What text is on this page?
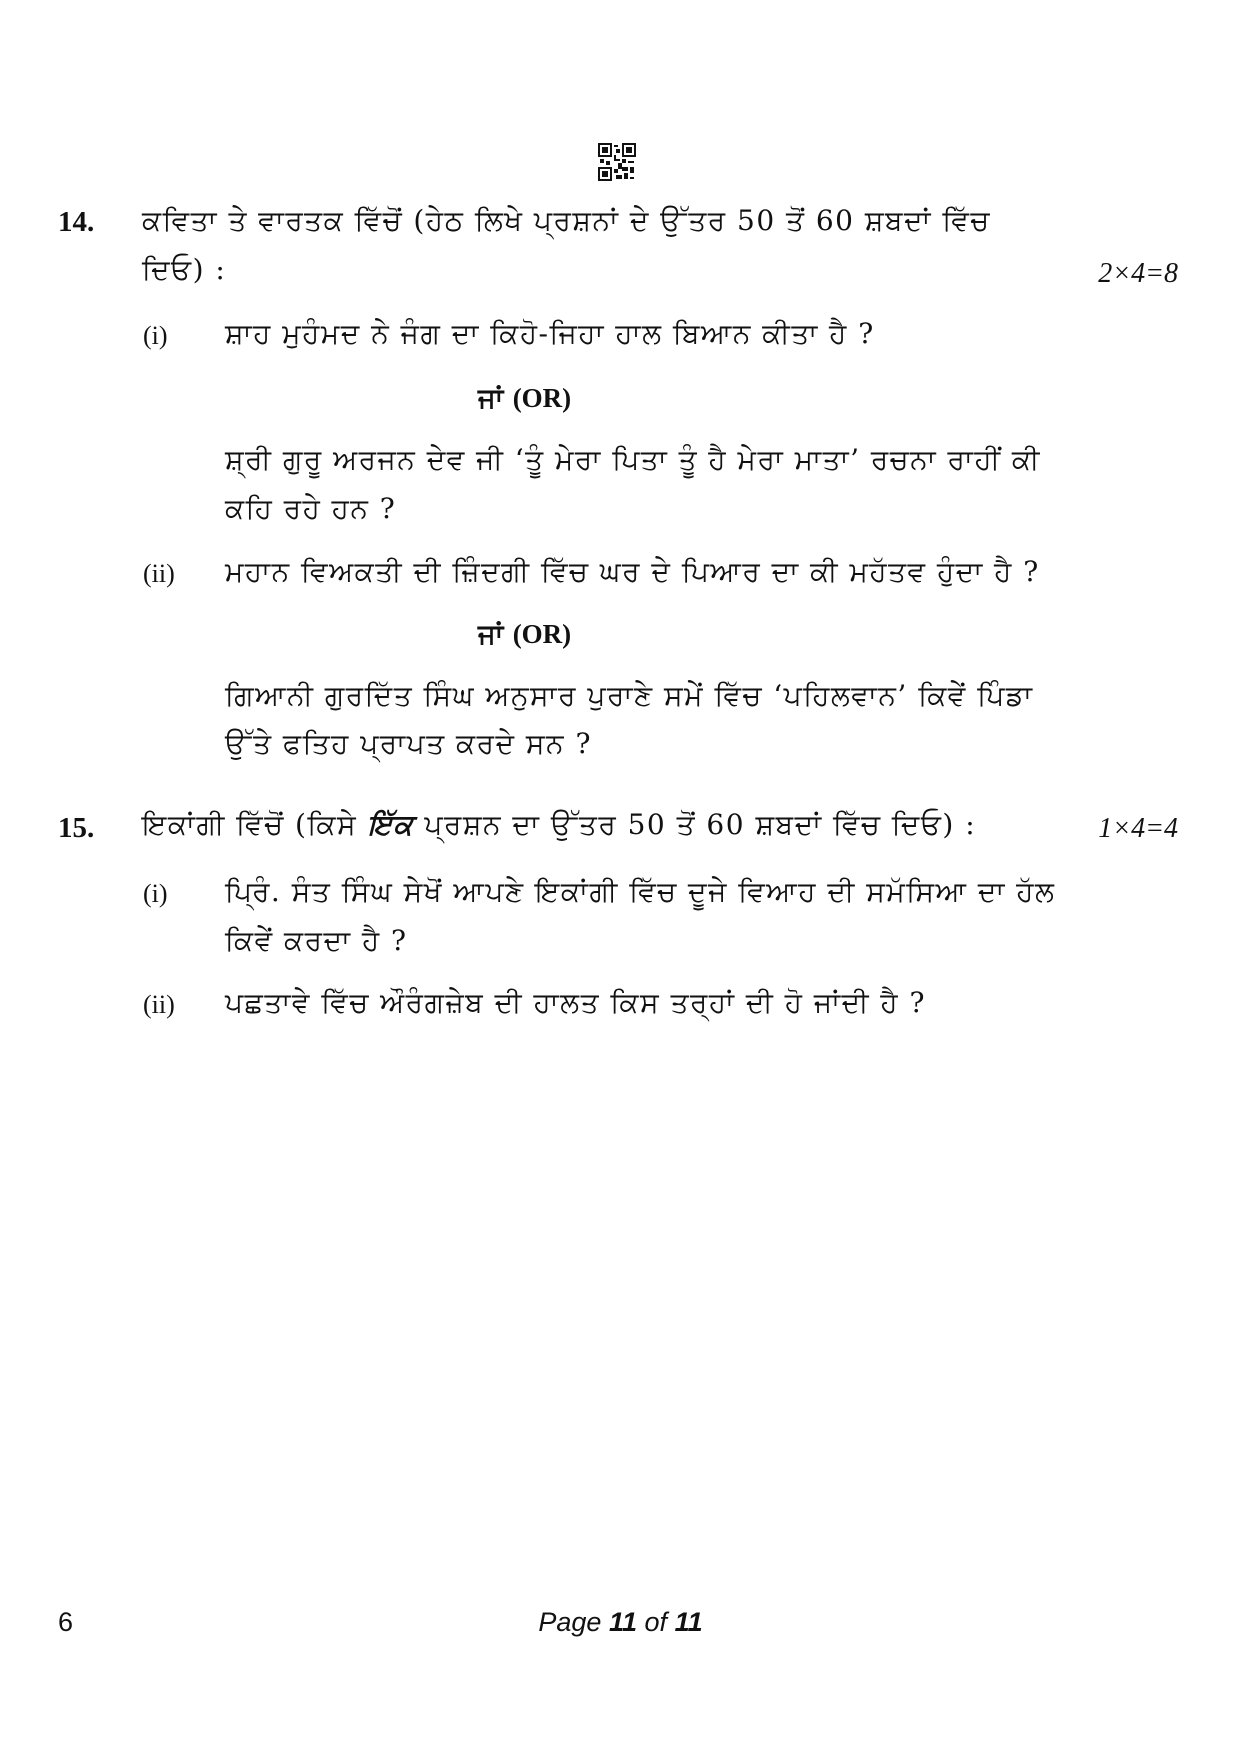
14. ਕਵਿਤਾ ਤੇ ਵਾਰਤਕ ਵਿੱਚੋਂ (ਹੇਠ ਲਿਖੇ ਪ੍ਰਸ਼ਨਾਂ ਦੇ ਉੱਤਰ 50 ਤੋਂ 60 ਸ਼ਬਦਾਂ ਵਿੱਚ
ਦਿਓ) :	2×4=8
(i) ਸ਼ਾਹ ਮੁਹੰਮਦ ਨੇ ਜੰਗ ਦਾ ਕਿਹੋ-ਜਿਹਾ ਹਾਲ ਬਿਆਨ ਕੀਤਾ ਹੈ ?
ਜਾਂ (OR)
ਸ਼੍ਰੀ ਗੁਰੂ ਅਰਜਨ ਦੇਵ ਜੀ ‘ਤੂੰ ਮੇਰਾ ਪਿਤਾ ਤੂੰ ਹੈ ਮੇਰਾ ਮਾਤਾ’ ਰਚਨਾ ਰਾਹੀਂ ਕੀ
ਕਹਿ ਰਹੇ ਹਨ ?
(ii) ਮਹਾਨ ਵਿਅਕਤੀ ਦੀ ਜ਼ਿੰਦਗੀ ਵਿੱਚ ਘਰ ਦੇ ਪਿਆਰ ਦਾ ਕੀ ਮਹੱਤਵ ਹੁੰਦਾ ਹੈ ?
ਜਾਂ (OR)
ਗਿਆਨੀ ਗੁਰਦਿੱਤ ਸਿੰਘ ਅਨੁਸਾਰ ਪੁਰਾਣੇ ਸਮੇਂ ਵਿੱਚ ‘ਪਹਿਲਵਾਨ’ ਕਿਵੇਂ ਪਿੰਡਾ
ਉੱਤੇ ਫਤਿਹ ਪ੍ਰਾਪਤ ਕਰਦੇ ਸਨ ?
15. ਇਕਾਂਗੀ ਵਿੱਚੋਂ (ਕਿਸੇ ਇੱਕ ਪ੍ਰਸ਼ਨ ਦਾ ਉੱਤਰ 50 ਤੋਂ 60 ਸ਼ਬਦਾਂ ਵਿੱਚ ਦਿਓ) :	1×4=4
(i) ਪ੍ਰਿੰ. ਸੰਤ ਸਿੰਘ ਸੇਖੋਂ ਆਪਣੇ ਇਕਾਂਗੀ ਵਿੱਚ ਦੂਜੇ ਵਿਆਹ ਦੀ ਸਮੱਸਿਆ ਦਾ ਹੱਲ
ਕਿਵੇਂ ਕਰਦਾ ਹੈ ?
(ii) ਪਛਤਾਵੇ ਵਿੱਚ ਔਰੰਗਜ਼ੇਬ ਦੀ ਹਾਲਤ ਕਿਸ ਤਰ੍ਹਾਂ ਦੀ ਹੋ ਜਾਂਦੀ ਹੈ ?
6	Page 11 of 11
